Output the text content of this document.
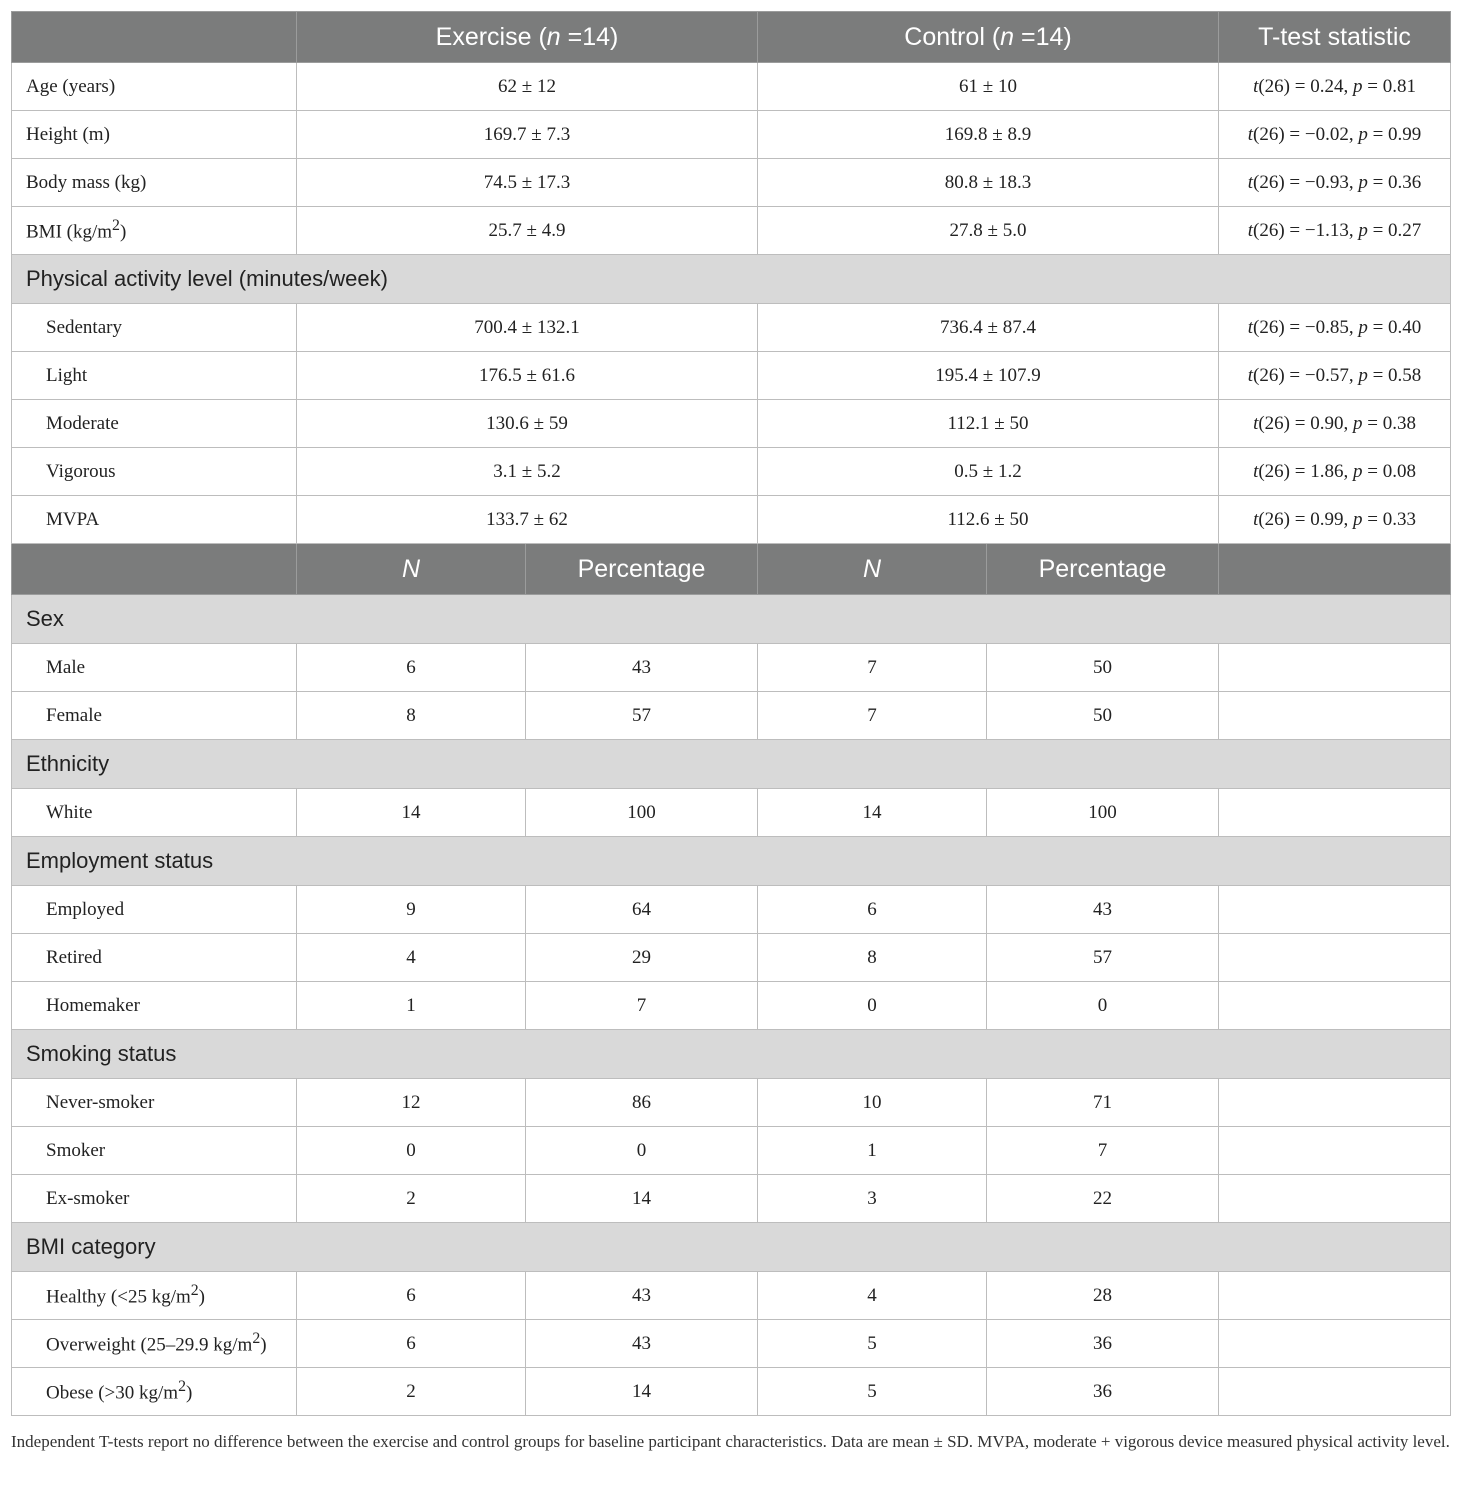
	Exercise (n =14)		Control (n =14)		T-test statistic
Age (years)	62 ± 12		61 ± 10		t(26) = 0.24, p = 0.81
Height (m)	169.7 ± 7.3		169.8 ± 8.9		t(26) = −0.02, p = 0.99
Body mass (kg)	74.5 ± 17.3		80.8 ± 18.3		t(26) = −0.93, p = 0.36
BMI $(kg/m^2)$	25.7 ± 4.9		27.8 ± 5.0		t(26) = −1.13, p = 0.27
Physical activity level (minutes/week)					
Sedentary	700.4 ± 132.1		736.4 ± 87.4		t(26) = −0.85, p = 0.40
Light	176.5 ± 61.6		195.4 ± 107.9		t(26) = −0.57, p = 0.58
Moderate	130.6 ± 59		112.1 ± 50		t(26) = 0.90, p = 0.38
Vigorous	3.1 ± 5.2		0.5 ± 1.2		t(26) = 1.86, p = 0.08
MVPA	133.7 ± 62		112.6 ± 50		t(26) = 0.99, p = 0.33
	N	Percentage	N	Percentage	
Sex					
Male	6	43	7	50	
Female	8	57	7	50	
Ethnicity					
White	14	100	14	100	
Employment status					
Employed	9	64	6	43	
Retired	4	29	8	57	
Homemaker	1	7	0	0	
Smoking status					
Never-smoker	12	86	10	71	
Smoker	0	0	1	7	
Ex-smoker	2	14	3	22	
BMI category					
Healthy (<25 $kg/m^2$)	6	43	4	28	
Overweight (25–29.9 $kg/m^2$)	6	43	5	36	
Obese (>30 $kg/m^2$)	2	14	5	36	
Independent T-tests report no difference between the exercise and control groups for baseline participant characteristics. Data are mean ± SD. MVPA, moderate + vigorous device measured physical activity level.
